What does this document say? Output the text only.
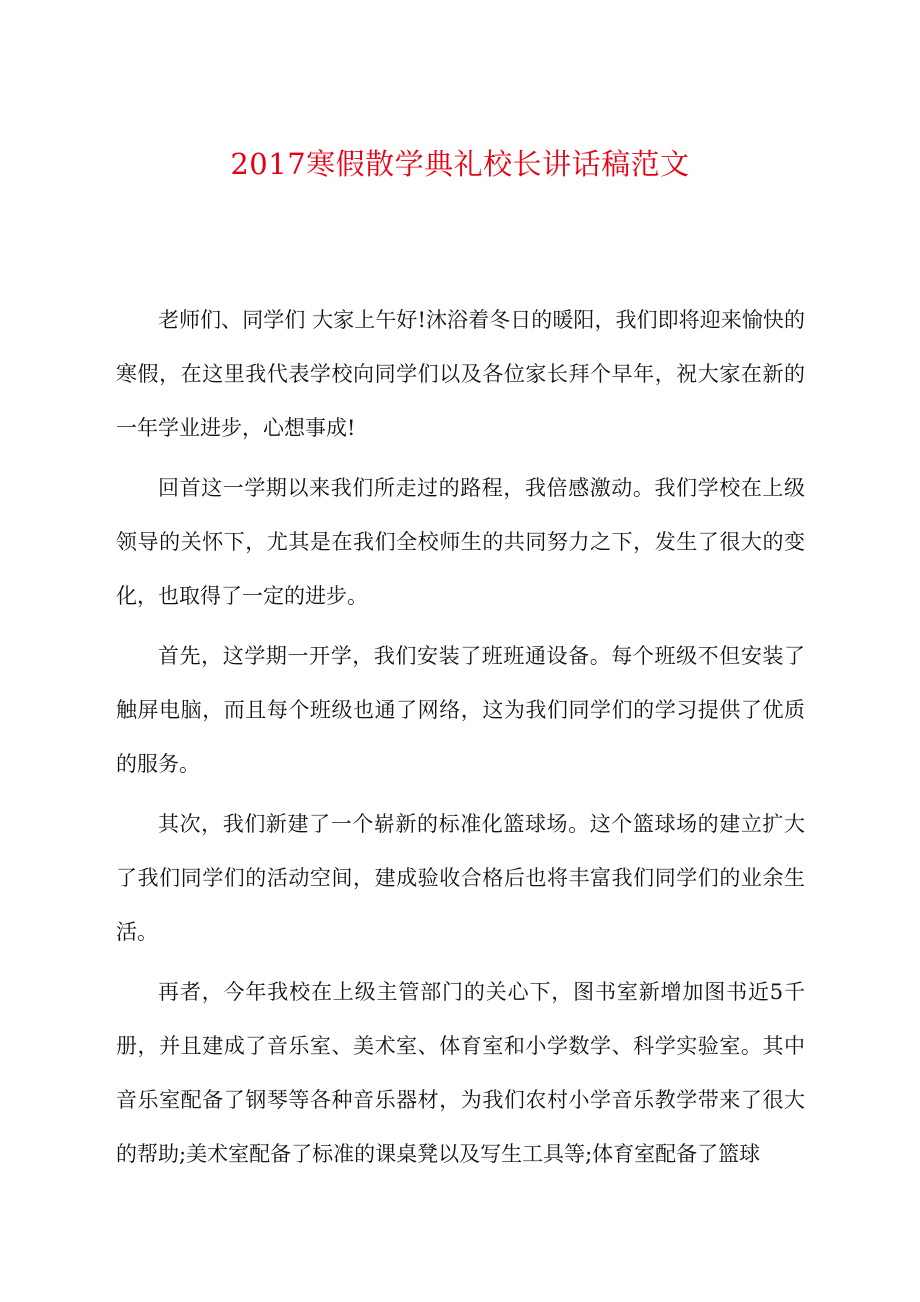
2017寒假散学典礼校长讲话稿范文

老师们、同学们 大家上午好!沐浴着冬日的暖阳，我们即将迎来愉快的寒假，在这里我代表学校向同学们以及各位家长拜个早年，祝大家在新的一年学业进步，心想事成!

回首这一学期以来我们所走过的路程，我倍感激动。我们学校在上级领导的关怀下，尤其是在我们全校师生的共同努力之下，发生了很大的变化，也取得了一定的进步。

首先，这学期一开学，我们安装了班班通设备。每个班级不但安装了触屏电脑，而且每个班级也通了网络，这为我们同学们的学习提供了优质的服务。

其次，我们新建了一个崭新的标准化篮球场。这个篮球场的建立扩大了我们同学们的活动空间，建成验收合格后也将丰富我们同学们的业余生活。

再者，今年我校在上级主管部门的关心下，图书室新增加图书近5千册，并且建成了音乐室、美术室、体育室和小学数学、科学实验室。其中音乐室配备了钢琴等各种音乐器材，为我们农村小学音乐教学带来了很大的帮助;美术室配备了标准的课桌凳以及写生工具等;体育室配备了篮球
